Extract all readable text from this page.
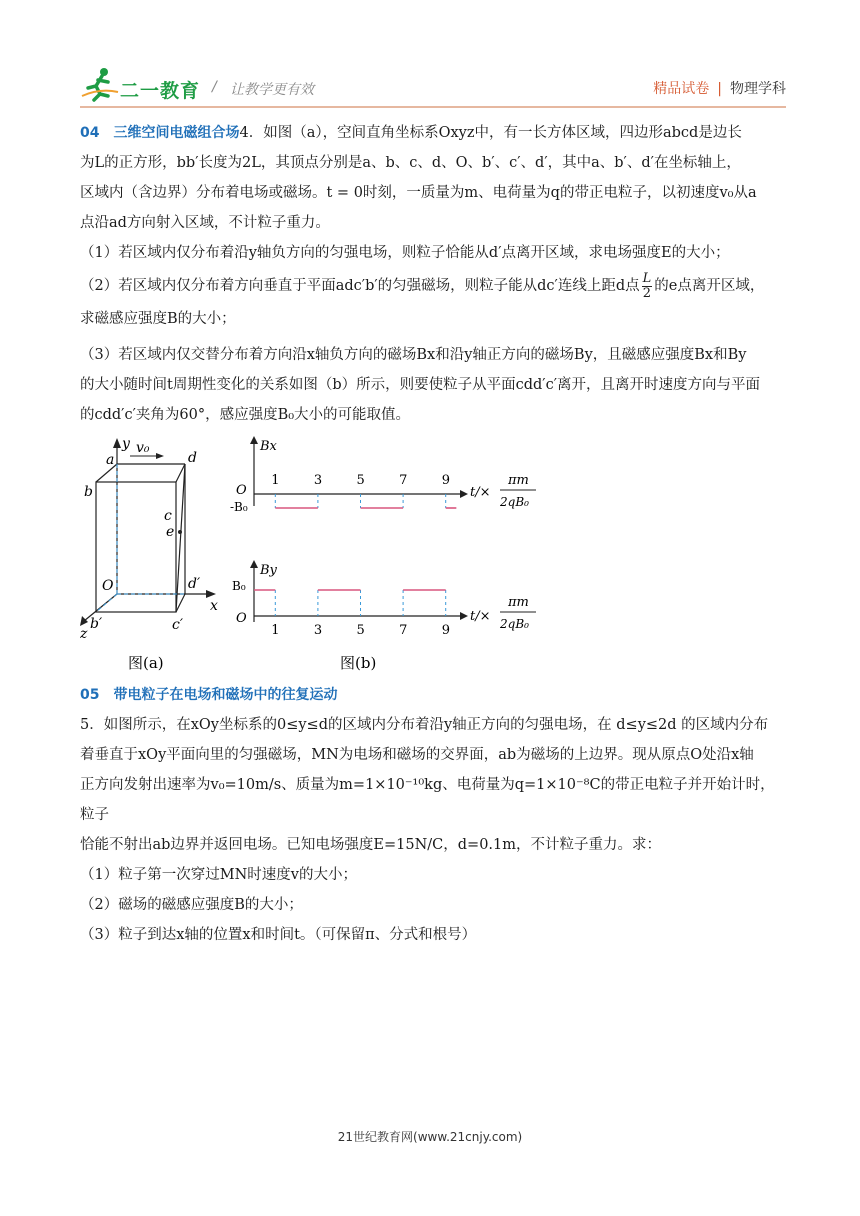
二一教育 / 让教学更有效	精品试卷 | 物理学科

04 三维空间电磁组合场4．如图（a），空间直角坐标系Oxyz中，有一长方体区域，四边形abcd是边长

为L的正方形，bb′长度为2L，其顶点分别是a、b、c、d、O、b′、c′、d′，其中a、b′、d′在坐标轴上，

区域内（含边界）分布着电场或磁场。t = 0时刻，一质量为m、电荷量为q的带正电粒子，以初速度v₀从a

点沿ad方向射入区域，不计粒子重力。

（1）若区域内仅分布着沿y轴负方向的匀强电场，则粒子恰能从d′点离开区域，求电场强度E的大小；

（2）若区域内仅分布着方向垂直于平面adc′b′的匀强磁场，则粒子能从dc′连线上距d点 $\frac{L}{2}$ 的e点离开区域，

求磁感应强度B的大小；

（3）若区域内仅交替分布着方向沿x轴负方向的磁场Bx和沿y轴正方向的磁场By，且磁感应强度Bx和By

的大小随时间t周期性变化的关系如图（b）所示，则要使粒子从平面cdd′c′离开，且离开时速度方向与平面

的cdd′c′夹角为60°，感应强度B₀大小的可能取值。

y
x
z
a
v₀
d
b
c
e
O	d′
b′	c′
图(a)
Bx
O
-B₀
1	3	5	7	9
t/×
πm
2qB₀
By
O
B₀
1	3	5	7	9
t/×
πm
2qB₀
图(b)

05 带电粒子在电场和磁场中的往复运动

5．如图所示，在xOy坐标系的0≤y≤d的区域内分布着沿y轴正方向的匀强电场，在 d≤y≤2d 的区域内分布

着垂直于xOy平面向里的匀强磁场，MN为电场和磁场的交界面，ab为磁场的上边界。现从原点O处沿x轴

正方向发射出速率为v₀=10m/s、质量为m=1×10⁻¹⁰kg、电荷量为q=1×10⁻⁸C的带正电粒子并开始计时，粒子

恰能不射出ab边界并返回电场。已知电场强度E=15N/C，d=0.1m，不计粒子重力。求：

（1）粒子第一次穿过MN时速度v的大小；

（2）磁场的磁感应强度B的大小；

（3）粒子到达x轴的位置x和时间t。（可保留π、分式和根号）

21世纪教育网(www.21cnjy.com)
